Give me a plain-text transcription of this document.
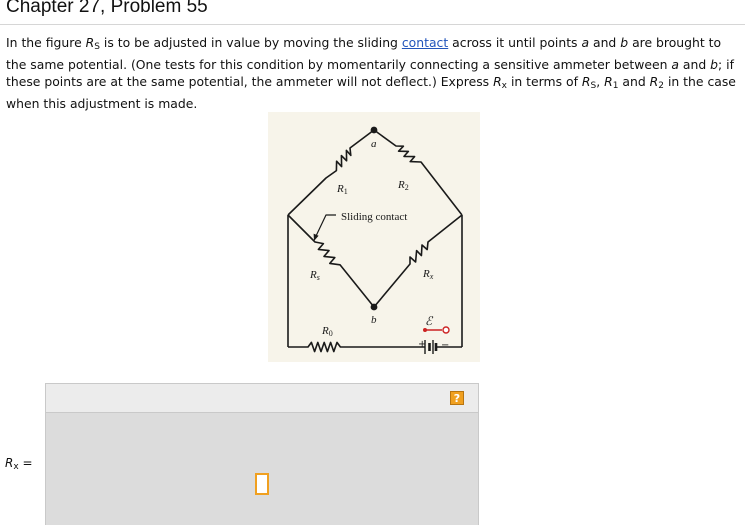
Chapter 27, Problem 55
In the figure $R_S$ is to be adjusted in value by moving the sliding contact across it until points a and b are brought to the same potential. (One tests for this condition by momentarily connecting a sensitive ammeter between a and b; if these points are at the same potential, the ammeter will not deflect.) Express $R_x$ in terms of $R_S$, $R_1$ and $R_2$ in the case when this adjustment is made.
a
b
R1
R2
Rs	Rx
R0
Sliding contact
ℰ
+ −
?
$R_x$ =
